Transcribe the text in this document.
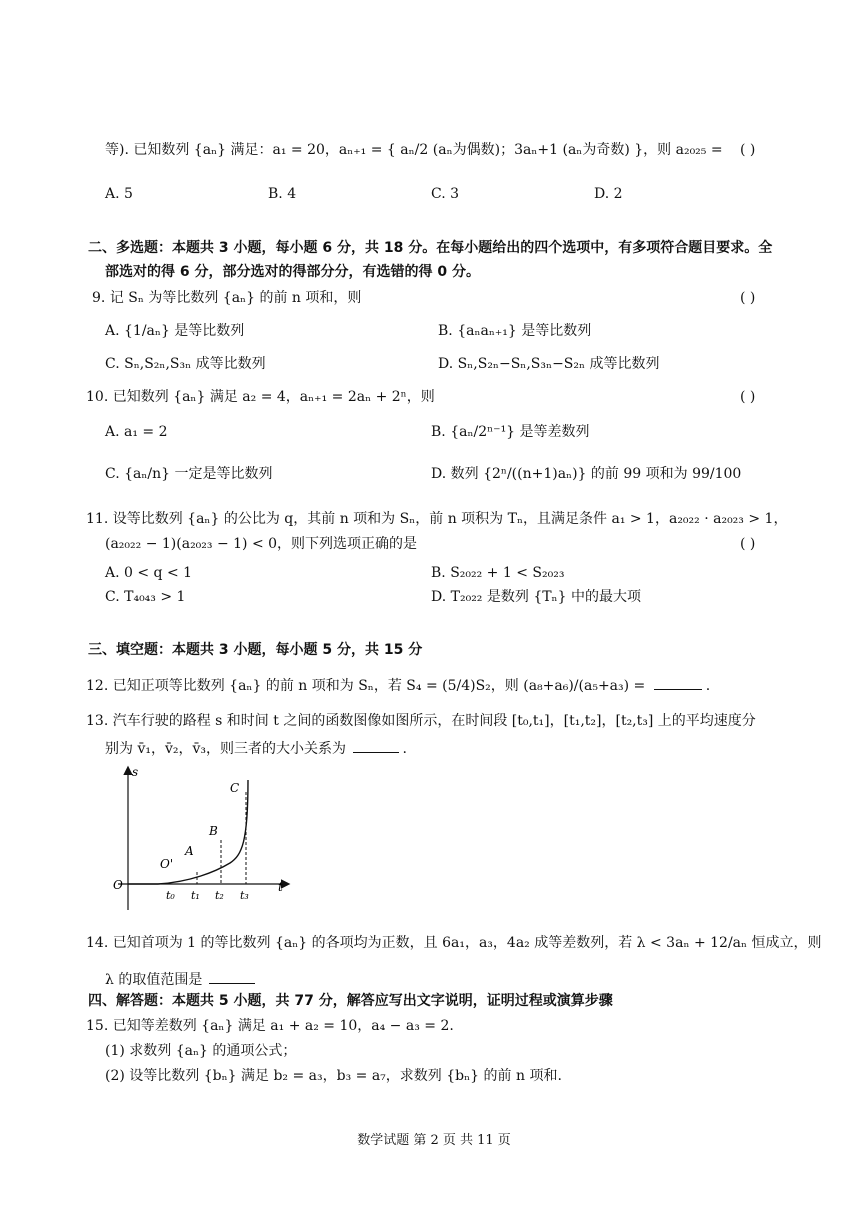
等). 已知数列 {aₙ} 满足：a₁ = 20，aₙ₊₁ = { aₙ/2 (aₙ为偶数)；3aₙ+1 (aₙ为奇数) }，则 a₂₀₂₅ = ( )
A. 5	B. 4	C. 3	D. 2
二、多选题：本题共 3 小题，每小题 6 分，共 18 分。在每小题给出的四个选项中，有多项符合题目要求。全
部选对的得 6 分，部分选对的得部分分，有选错的得 0 分。
9. 记 Sₙ 为等比数列 {aₙ} 的前 n 项和，则	( )
A. {1/aₙ} 是等比数列	B. {aₙaₙ₊₁} 是等比数列
C. Sₙ,S₂ₙ,S₃ₙ 成等比数列	D. Sₙ,S₂ₙ−Sₙ,S₃ₙ−S₂ₙ 成等比数列
10. 已知数列 {aₙ} 满足 a₂ = 4，aₙ₊₁ = 2aₙ + 2ⁿ，则	( )
A. a₁ = 2	B. {aₙ/2ⁿ⁻¹} 是等差数列
C. {aₙ/n} 一定是等比数列	D. 数列 {2ⁿ/((n+1)aₙ)} 的前 99 项和为 99/100
11. 设等比数列 {aₙ} 的公比为 q，其前 n 项和为 Sₙ，前 n 项积为 Tₙ，且满足条件 a₁ > 1，a₂₀₂₂ · a₂₀₂₃ > 1，
(a₂₀₂₂ − 1)(a₂₀₂₃ − 1) < 0，则下列选项正确的是	( )
A. 0 < q < 1	B. S₂₀₂₂ + 1 < S₂₀₂₃
C. T₄₀₄₃ > 1	D. T₂₀₂₂ 是数列 {Tₙ} 中的最大项
三、填空题：本题共 3 小题，每小题 5 分，共 15 分
12. 已知正项等比数列 {aₙ} 的前 n 项和为 Sₙ，若 S₄ = (5/4)S₂，则 (a₈+a₆)/(a₅+a₃) =	.
13. 汽车行驶的路程 s 和时间 t 之间的函数图像如图所示，在时间段 [t₀,t₁]，[t₁,t₂]，[t₂,t₃] 上的平均速度分
别为 v̄₁，v̄₂，v̄₃，则三者的大小关系为	.
s
t
O
O'
A
B
C
t₀ t₁ t₂ t₃
14. 已知首项为 1 的等比数列 {aₙ} 的各项均为正数，且 6a₁，a₃，4a₂ 成等差数列，若 λ < 3aₙ + 12/aₙ 恒成立，则
λ 的取值范围是
四、解答题：本题共 5 小题，共 77 分，解答应写出文字说明，证明过程或演算步骤
15. 已知等差数列 {aₙ} 满足 a₁ + a₂ = 10，a₄ − a₃ = 2.
(1) 求数列 {aₙ} 的通项公式；
(2) 设等比数列 {bₙ} 满足 b₂ = a₃，b₃ = a₇，求数列 {bₙ} 的前 n 项和.
数学试题 第 2 页 共 11 页
